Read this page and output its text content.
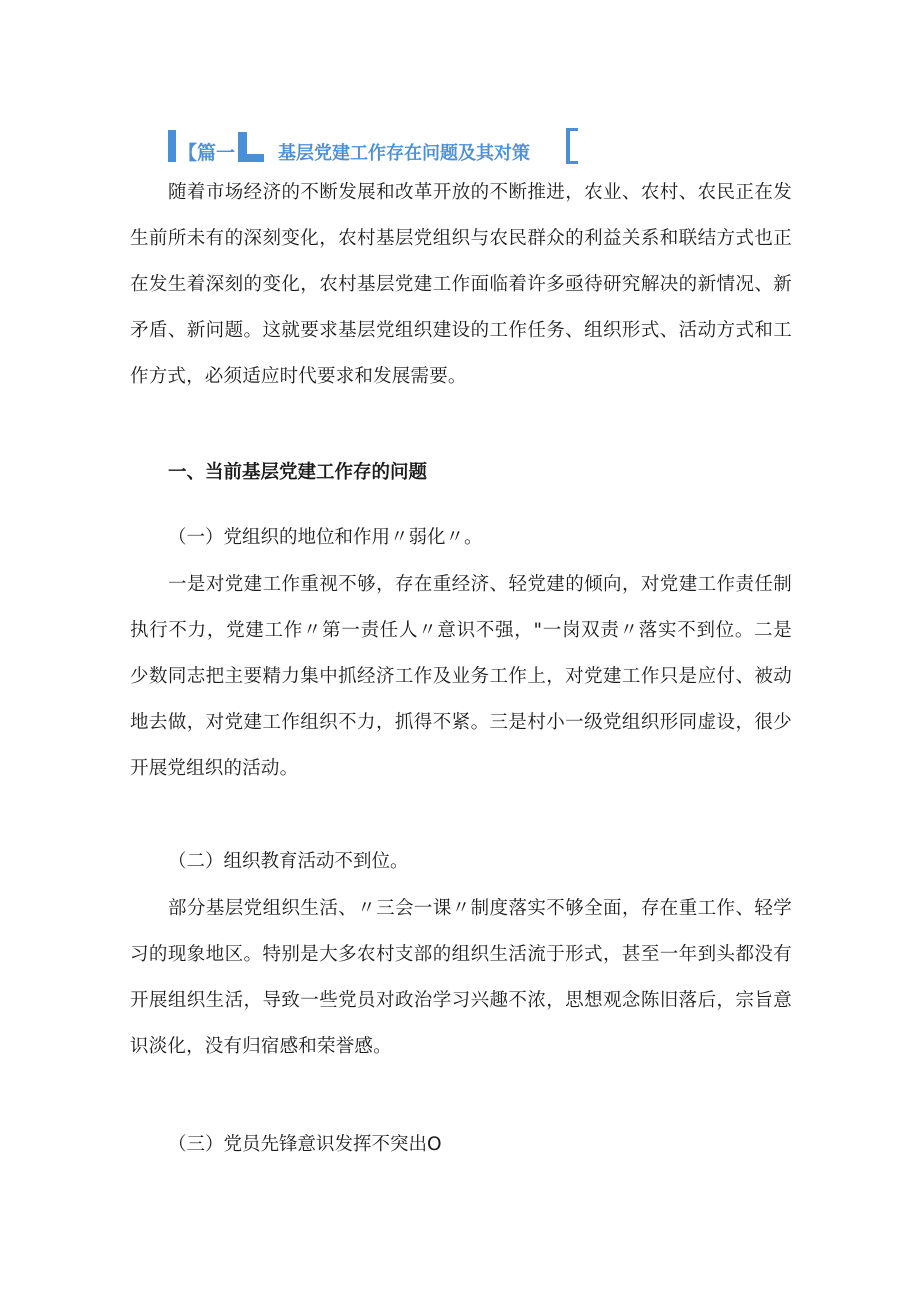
【篇一 基层党建工作存在问题及其对策

随着市场经济的不断发展和改革开放的不断推进，农业、农村、农民正在发生前所未有的深刻变化，农村基层党组织与农民群众的利益关系和联结方式也正在发生着深刻的变化，农村基层党建工作面临着许多亟待研究解决的新情况、新矛盾、新问题。这就要求基层党组织建设的工作任务、组织形式、活动方式和工作方式，必须适应时代要求和发展需要。

一、当前基层党建工作存的问题
（一）党组织的地位和作用〃弱化〃。

一是对党建工作重视不够，存在重经济、轻党建的倾向，对党建工作责任制执行不力，党建工作〃第一责任人〃意识不强，"一岗双责〃落实不到位。二是少数同志把主要精力集中抓经济工作及业务工作上，对党建工作只是应付、被动地去做，对党建工作组织不力，抓得不紧。三是村小一级党组织形同虚设，很少开展党组织的活动。

（二）组织教育活动不到位。

部分基层党组织生活、〃三会一课〃制度落实不够全面，存在重工作、轻学习的现象地区。特别是大多农村支部的组织生活流于形式，甚至一年到头都没有开展组织生活，导致一些党员对政治学习兴趣不浓，思想观念陈旧落后，宗旨意识淡化，没有归宿感和荣誉感。

（三）党员先锋意识发挥不突出O
